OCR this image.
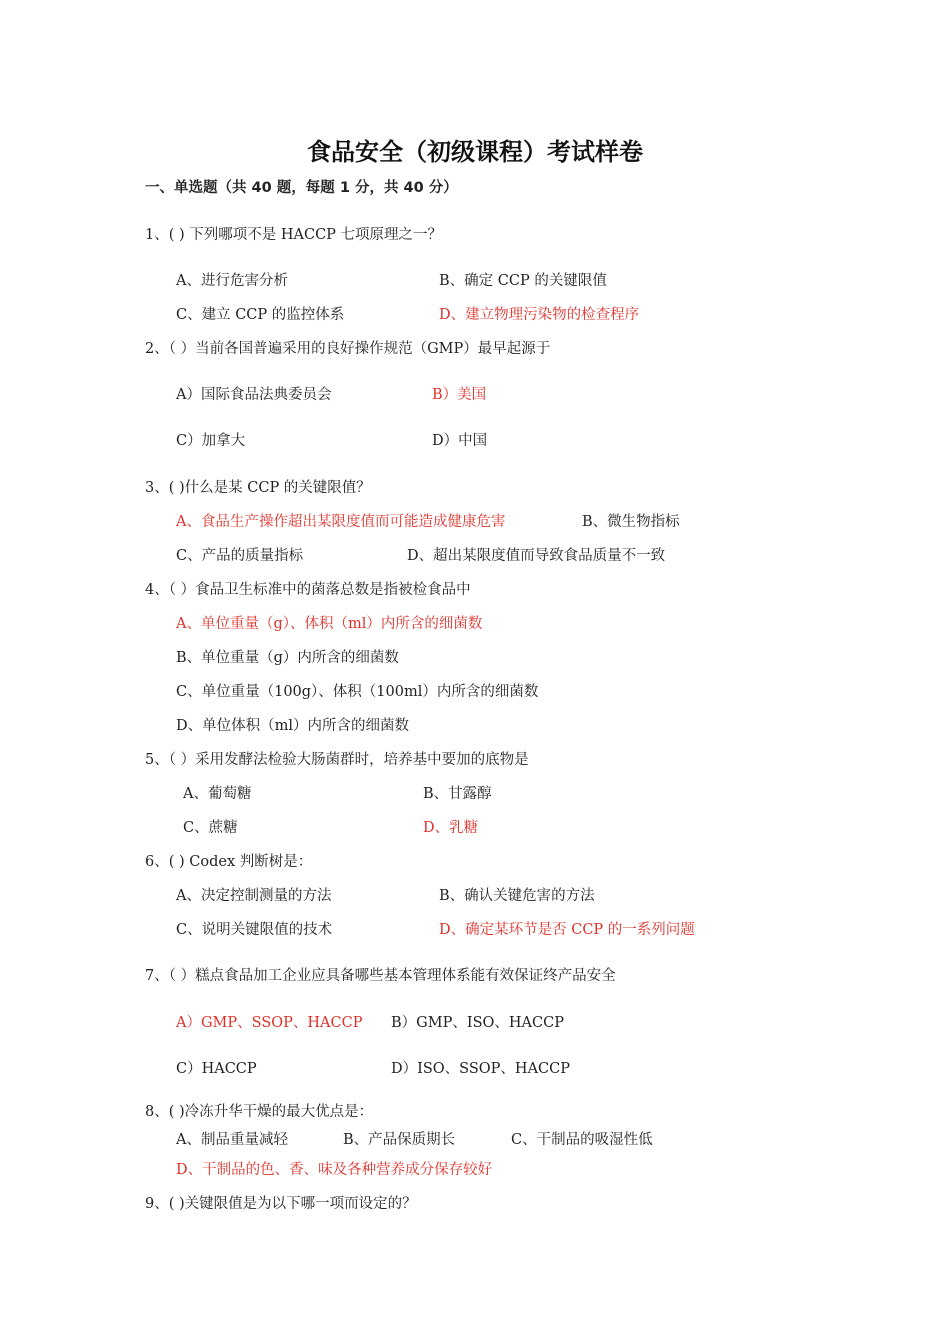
食品安全（初级课程）考试样卷
一、单选题（共 40 题，每题 1 分，共 40 分）
1、( ) 下列哪项不是 HACCP 七项原理之一？
A、进行危害分析	B、确定 CCP 的关键限值
C、建立 CCP 的监控体系	D、建立物理污染物的检查程序
2、（ ）当前各国普遍采用的良好操作规范（GMP）最早起源于
A）国际食品法典委员会	B）美国
C）加拿大	D）中国
3、( )什么是某 CCP 的关键限值？
A、食品生产操作超出某限度值而可能造成健康危害	B、微生物指标
C、产品的质量指标	D、超出某限度值而导致食品质量不一致
4、（ ）食品卫生标准中的菌落总数是指被检食品中
A、单位重量（g）、体积（ml）内所含的细菌数
B、单位重量（g）内所含的细菌数
C、单位重量（100g）、体积（100ml）内所含的细菌数
D、单位体积（ml）内所含的细菌数
5、（ ）采用发酵法检验大肠菌群时，培养基中要加的底物是
A、葡萄糖	B、甘露醇
C、蔗糖	D、乳糖
6、( ) Codex 判断树是：
A、决定控制测量的方法	B、确认关键危害的方法
C、说明关键限值的技术	D、确定某环节是否 CCP 的一系列问题
7、（ ）糕点食品加工企业应具备哪些基本管理体系能有效保证终产品安全
A）GMP、SSOP、HACCP B）GMP、ISO、HACCP
C）HACCP	D）ISO、SSOP、HACCP
8、( )冷冻升华干燥的最大优点是：
A、制品重量减轻	B、产品保质期长	C、干制品的吸湿性低
D、干制品的色、香、味及各种营养成分保存较好
9、( )关键限值是为以下哪一项而设定的？
